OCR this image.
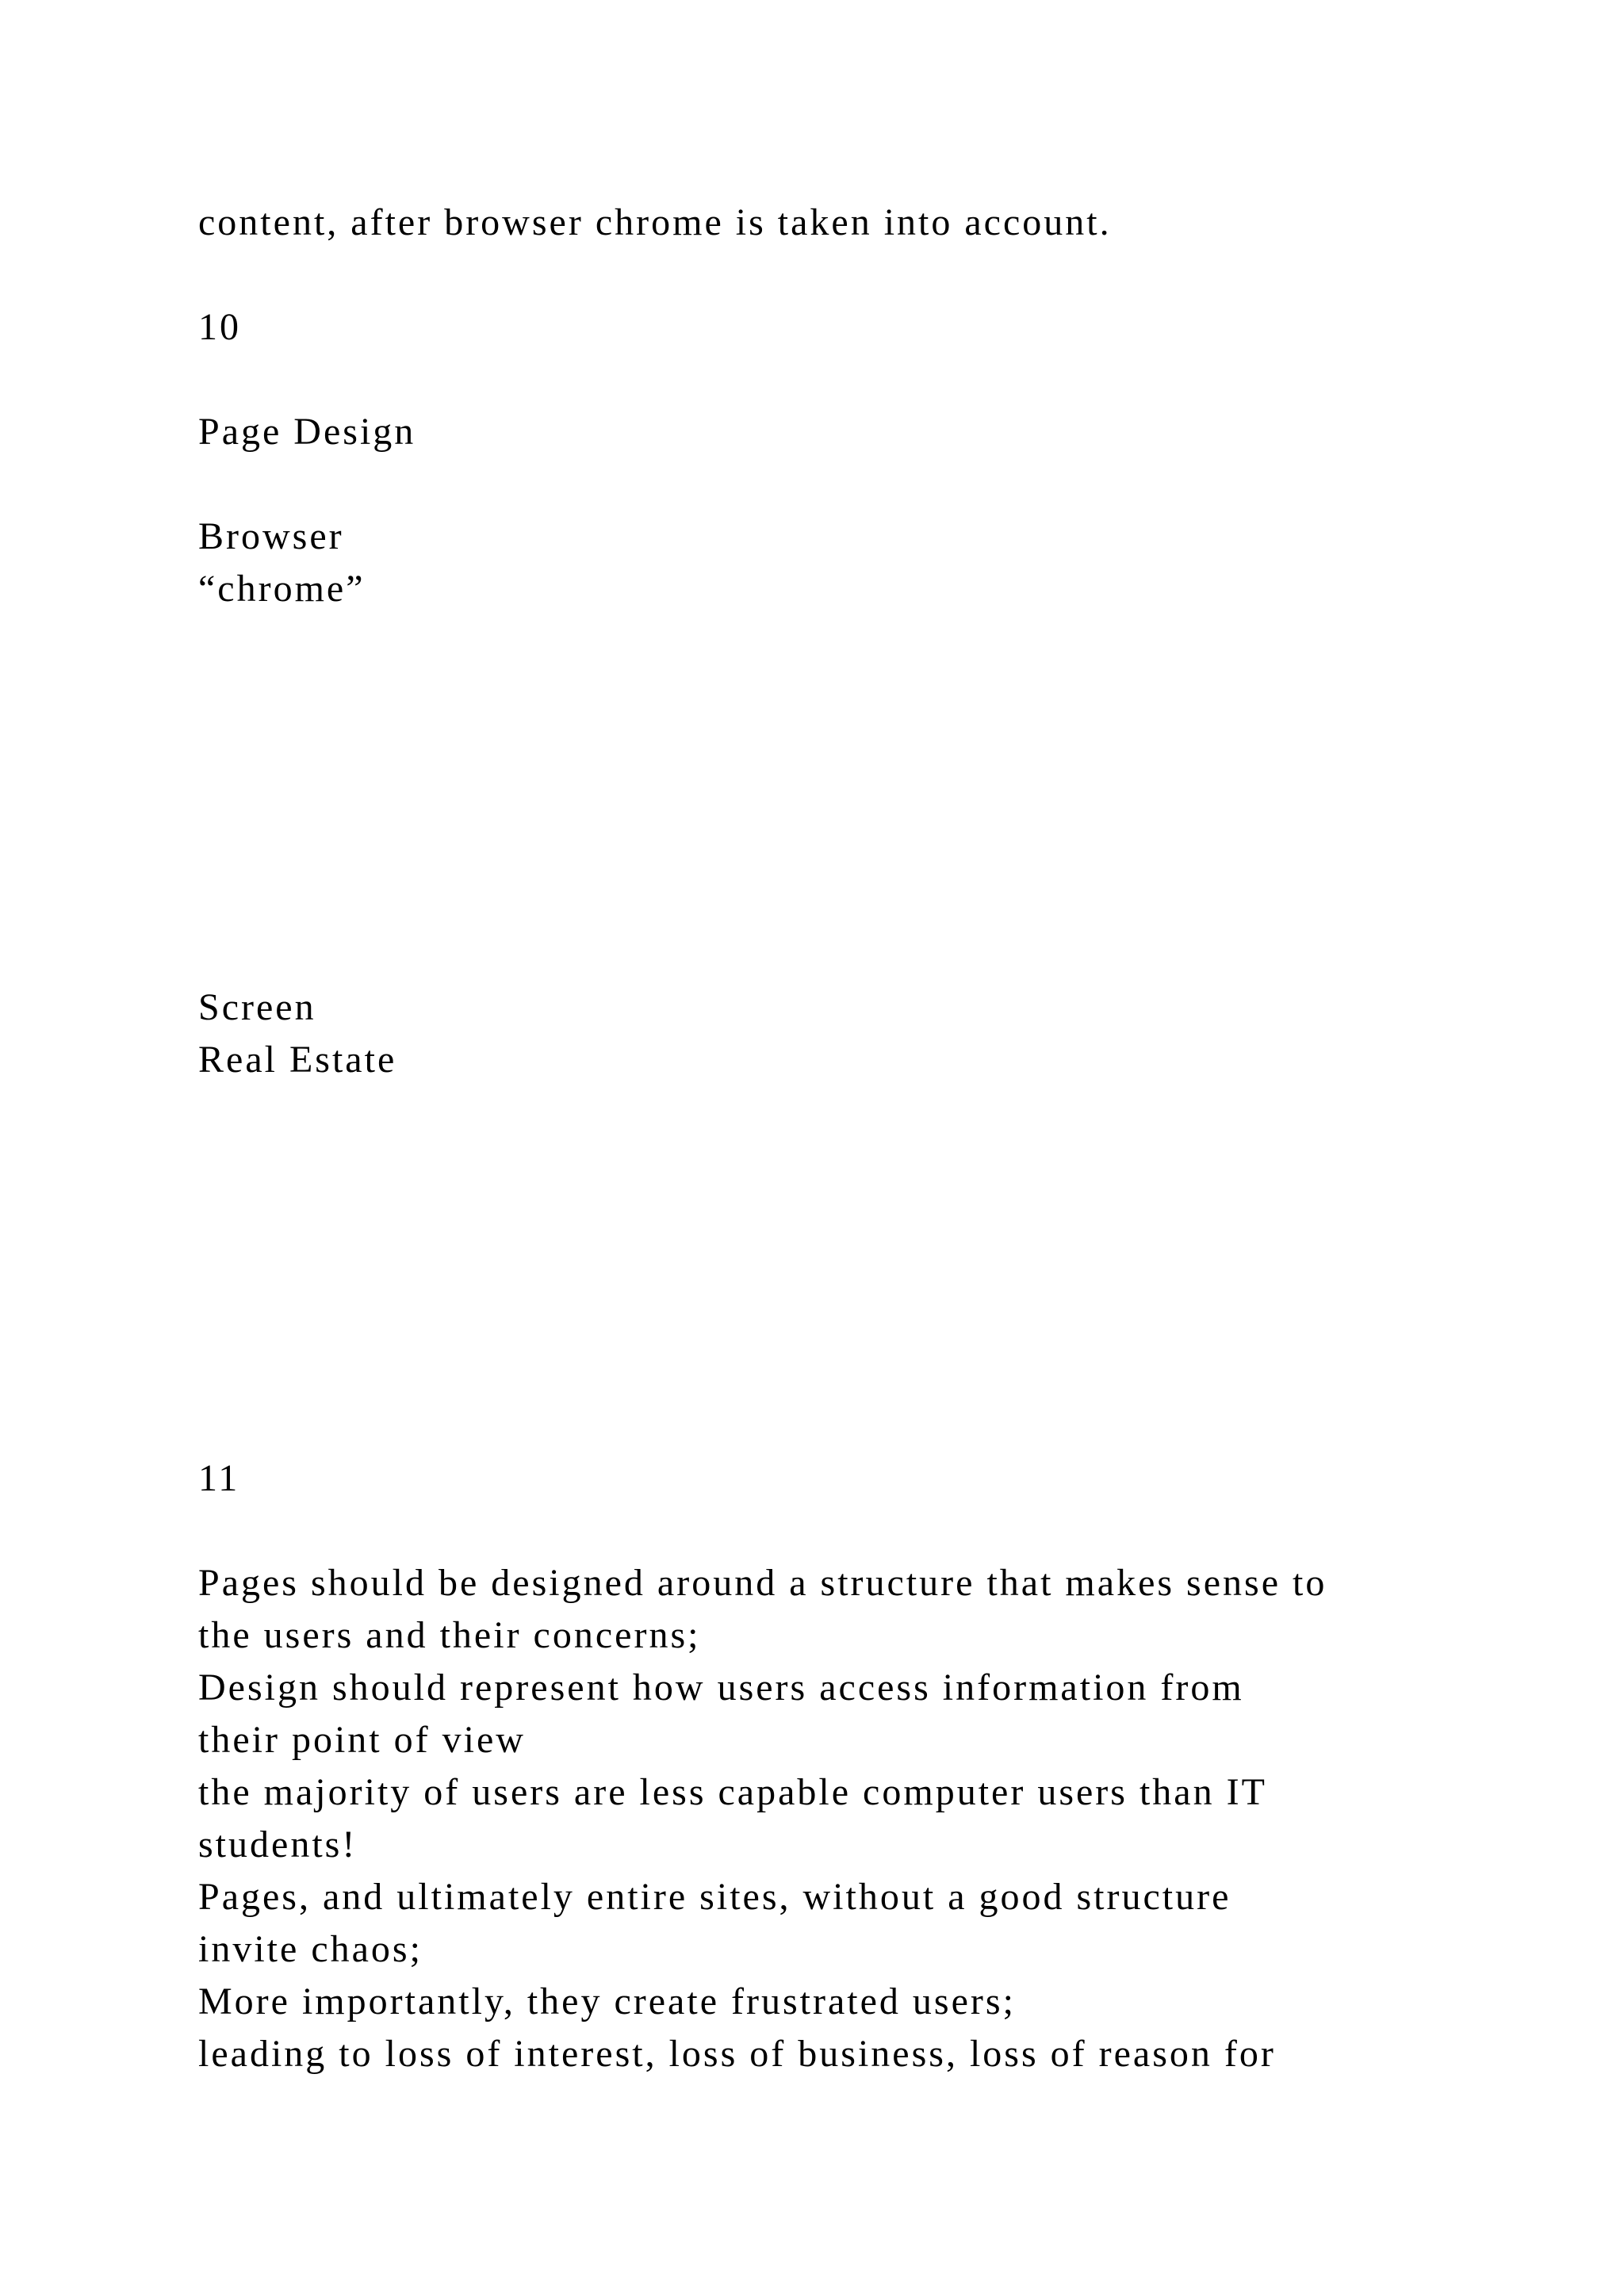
content, after browser chrome is taken into account.

10

Page Design

Browser

“chrome”

Screen

Real Estate

11

Pages should be designed around a structure that makes sense to

the users and their concerns;

Design should represent how users access information from

their point of view

the majority of users are less capable computer users than IT

students!

Pages, and ultimately entire sites, without a good structure

invite chaos;

More importantly, they create frustrated users;

leading to loss of interest, loss of business, loss of reason for
